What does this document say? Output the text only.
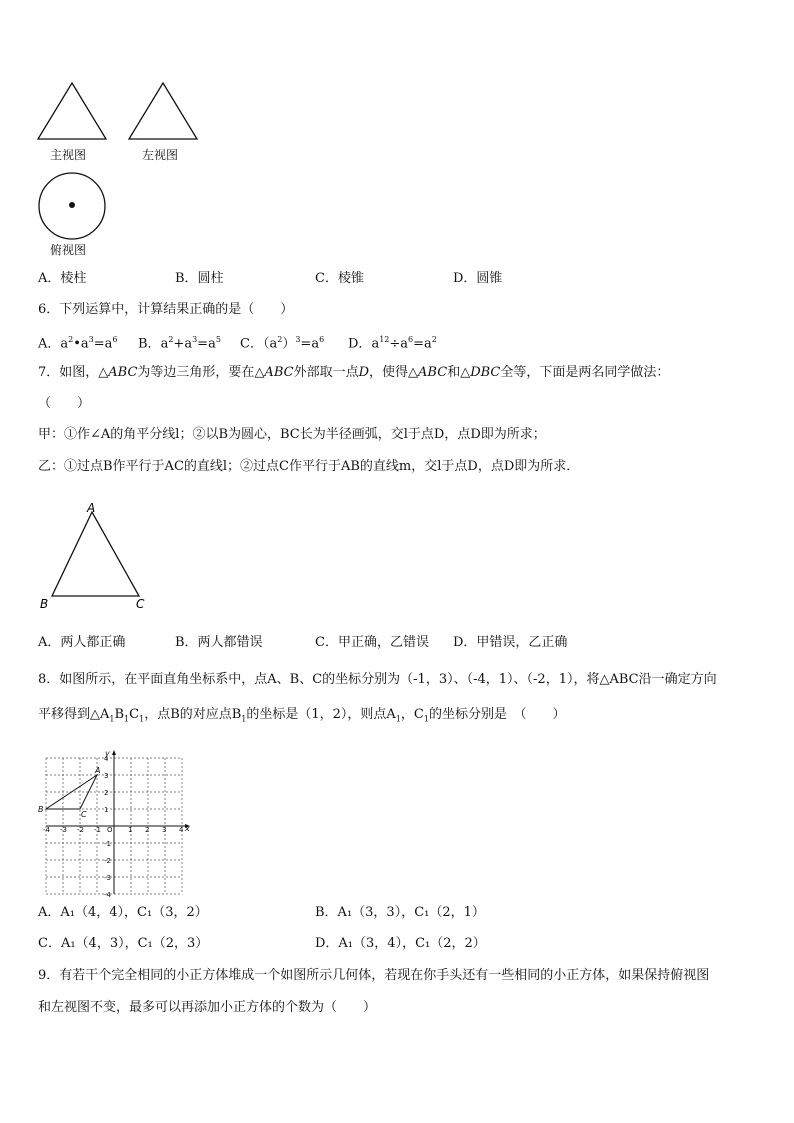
主视图	左视图
俯视图
A．棱柱	B．圆柱	C．棱锥	D．圆锥
6．下列运算中，计算结果正确的是（　　）
A．$a^2•a^3=a^6$ B．$a^2+a^3=a^5$ C．$(a^2)^3=a^6$ D．$a^{12}\div a^6=a^2$
7．如图，△ABC为等边三角形，要在△ABC外部取一点D，使得△ABC和△DBC全等，下面是两名同学做法：
（　　）
甲：①作∠A的角平分线l；②以B为圆心，BC长为半径画弧，交l于点D，点D即为所求；
乙：①过点B作平行于AC的直线l；②过点C作平行于AB的直线m，交l于点D，点D即为所求．
A
B	C
A．两人都正确	B．两人都错误	C．甲正确，乙错误 D．甲错误，乙正确
8．如图所示，在平面直角坐标系中，点A、B、C的坐标分别为（-1，3）、（-4，1）、（-2，1），将△ABC沿一确定方向
平移得到$\triangle A_1B_1C_1$，点B的对应点$B_1$的坐标是（1，2），则点$A_1$，$C_1$的坐标分别是　（　　）
-4 -3 -2 -1 O 1 2 3 4
4
3
2
1
-1
-2
-3
-4
x
y
A
B
C
A．A₁（4，4），C₁（3，2）	B．A₁（3，3），C₁（2，1）
C．A₁（4，3），C₁（2，3）	D．A₁（3，4），C₁（2，2）
9．有若干个完全相同的小正方体堆成一个如图所示几何体，若现在你手头还有一些相同的小正方体，如果保持俯视图
和左视图不变，最多可以再添加小正方体的个数为（　　）
